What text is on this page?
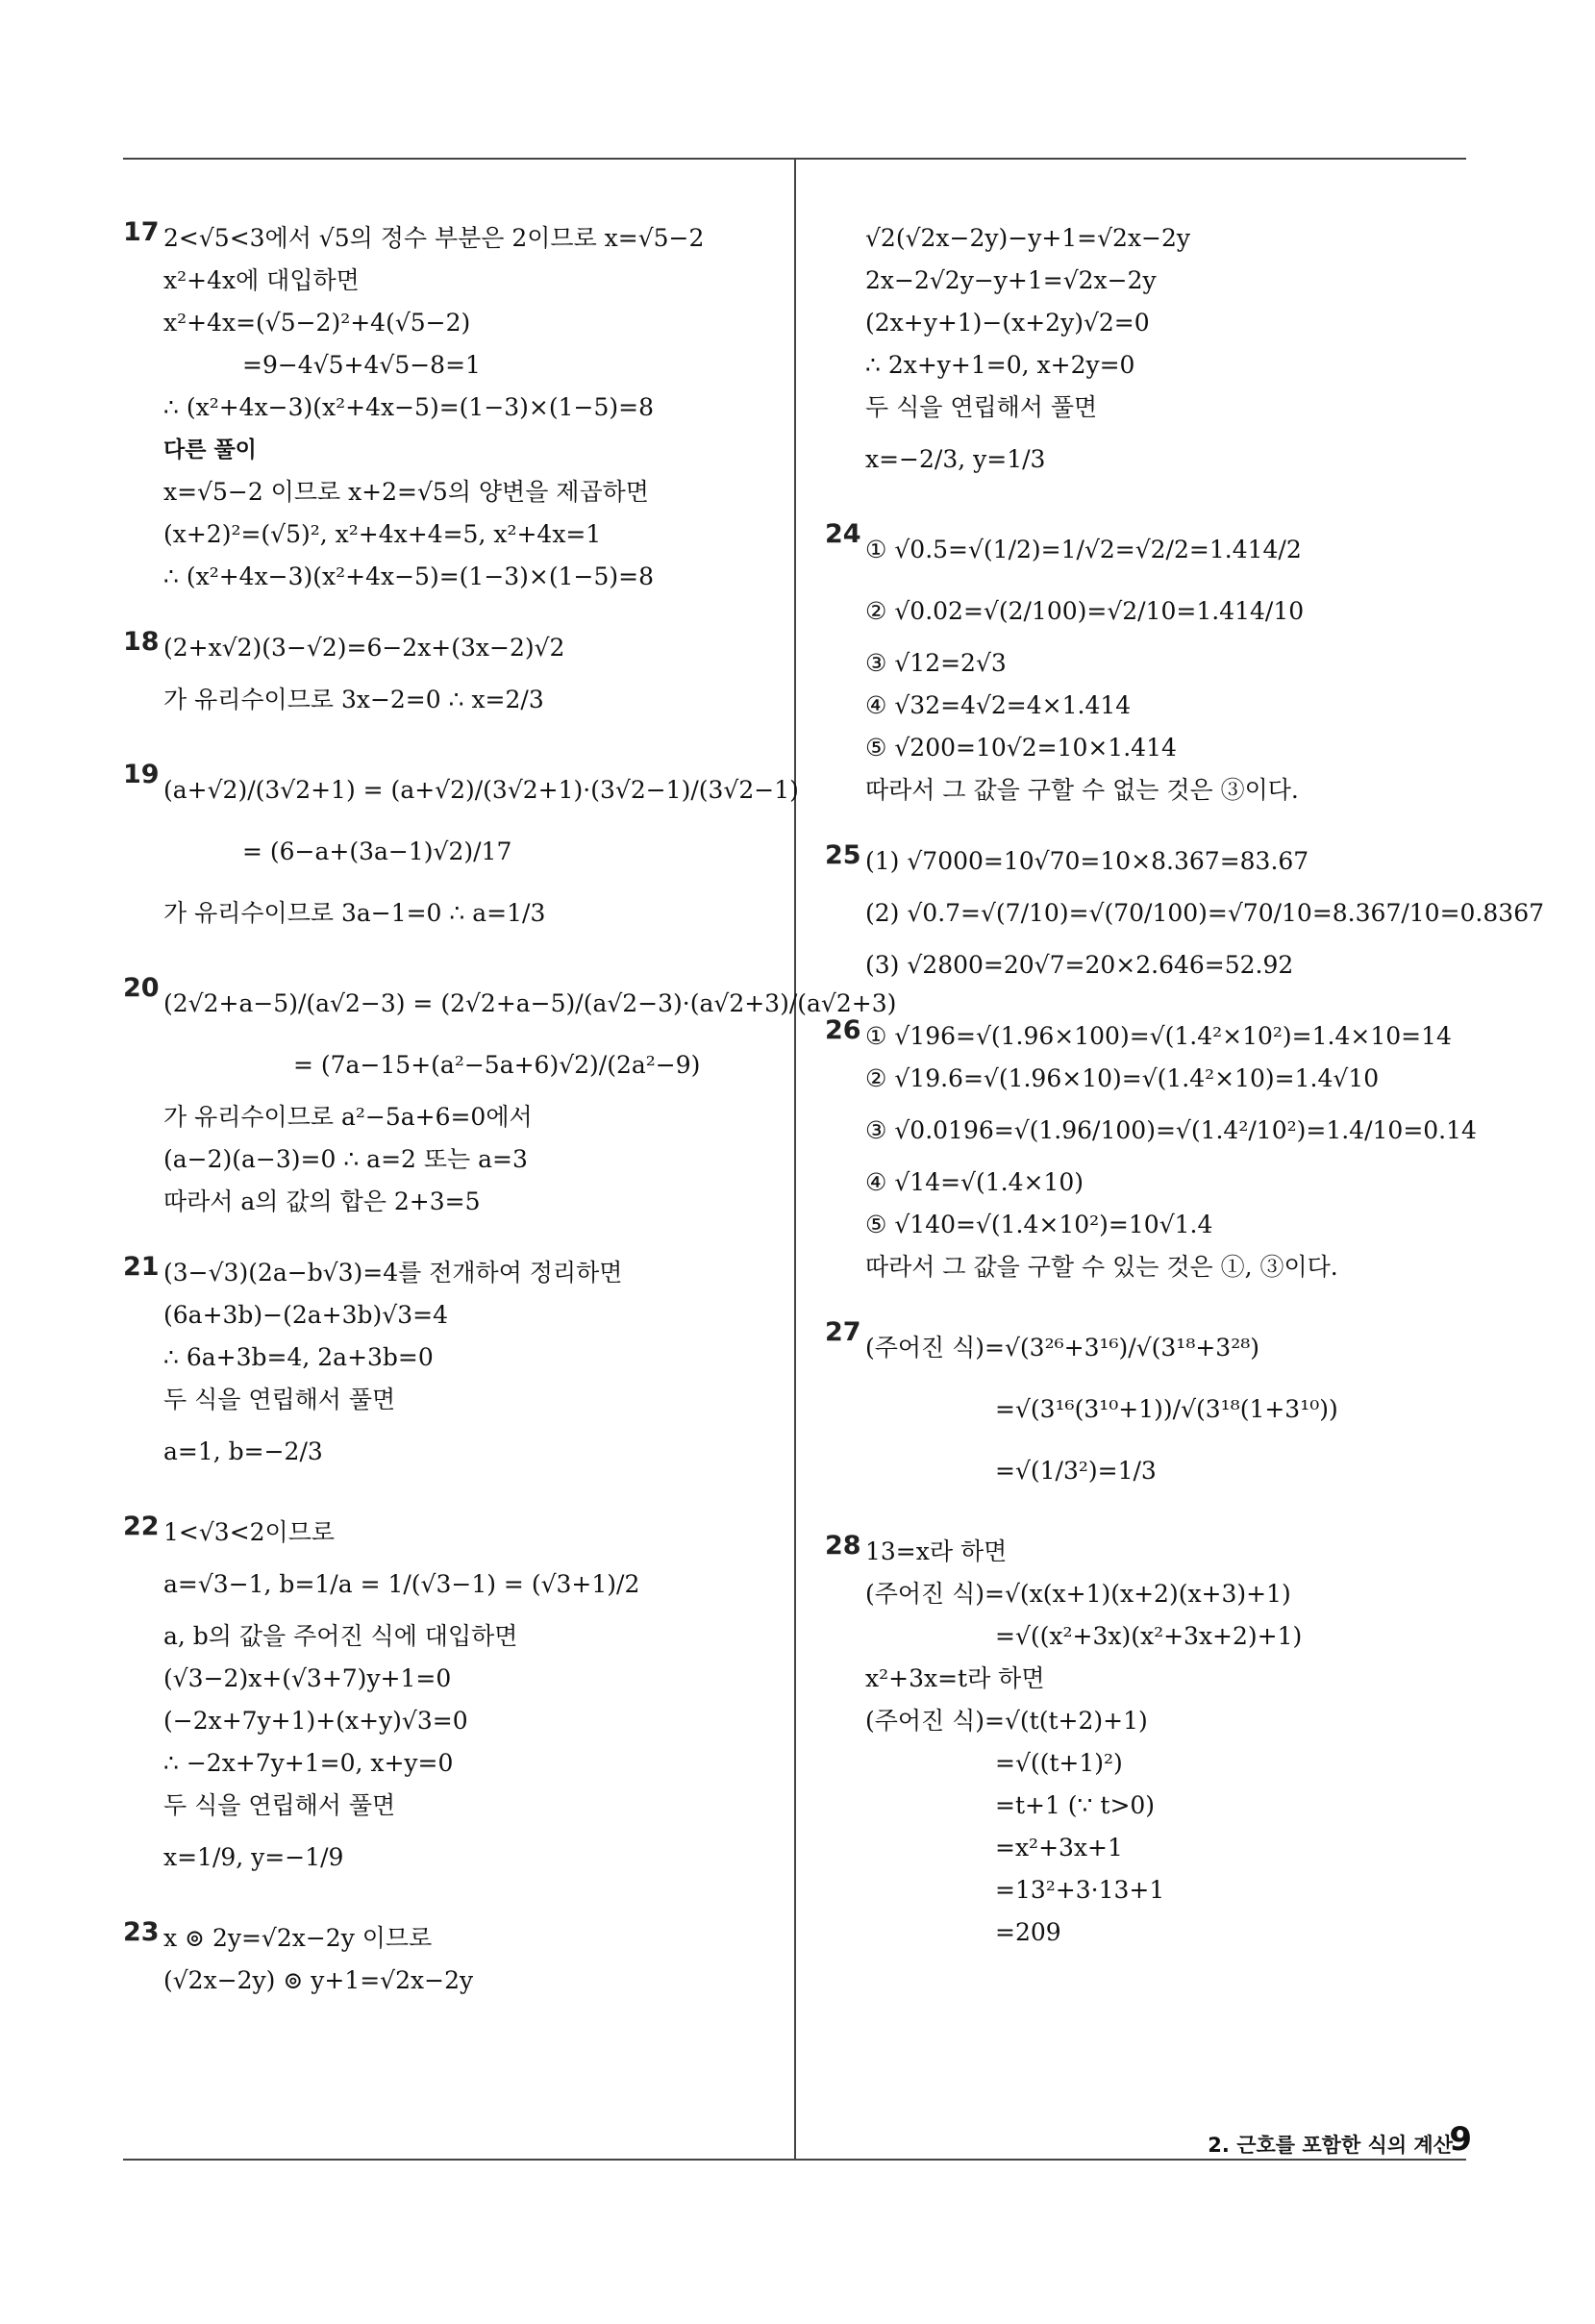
17 2<√5<3에서 √5의 정수 부분은 2이므로 x=√5−2
x²+4x에 대입하면
x²+4x=(√5−2)²+4(√5−2)
=9−4√5+4√5−8=1
∴ (x²+4x−3)(x²+4x−5)=(1−3)×(1−5)=8
다른 풀이
x=√5−2 이므로 x+2=√5의 양변을 제곱하면
(x+2)²=(√5)², x²+4x+4=5, x²+4x=1
∴ (x²+4x−3)(x²+4x−5)=(1−3)×(1−5)=8
18 (2+x√2)(3−√2)=6−2x+(3x−2)√2
가 유리수이므로 3x−2=0 ∴ x=2/3
19
(a+√2)/(3√2+1) = (a+√2)/(3√2+1)·(3√2−1)/(3√2−1)
= (6−a+(3a−1)√2)/17
가 유리수이므로 3a−1=0 ∴ a=1/3
20
(2√2+a−5)/(a√2−3) = (2√2+a−5)/(a√2−3)·(a√2+3)/(a√2+3)
= (7a−15+(a²−5a+6)√2)/(2a²−9)
가 유리수이므로 a²−5a+6=0에서
(a−2)(a−3)=0 ∴ a=2 또는 a=3
따라서 a의 값의 합은 2+3=5
21 (3−√3)(2a−b√3)=4를 전개하여 정리하면
(6a+3b)−(2a+3b)√3=4
∴ 6a+3b=4, 2a+3b=0
두 식을 연립해서 풀면
a=1, b=−2/3
22 1<√3<2이므로
a=√3−1, b=1/a = 1/(√3−1) = (√3+1)/2
a, b의 값을 주어진 식에 대입하면
(√3−2)x+(√3+7)y+1=0
(−2x+7y+1)+(x+y)√3=0
∴ −2x+7y+1=0, x+y=0
두 식을 연립해서 풀면
x=1/9, y=−1/9
23 x ⊚ 2y=√2x−2y 이므로
(√2x−2y) ⊚ y+1=√2x−2y
√2(√2x−2y)−y+1=√2x−2y
2x−2√2y−y+1=√2x−2y
(2x+y+1)−(x+2y)√2=0
∴ 2x+y+1=0, x+2y=0
두 식을 연립해서 풀면
x=−2/3, y=1/3
24
① √0.5=√(1/2)=1/√2=√2/2=1.414/2
② √0.02=√(2/100)=√2/10=1.414/10
③ √12=2√3
④ √32=4√2=4×1.414
⑤ √200=10√2=10×1.414
따라서 그 값을 구할 수 없는 것은 ③이다.
25 (1) √7000=10√70=10×8.367=83.67
(2) √0.7=√(7/10)=√(70/100)=√70/10=8.367/10=0.8367
(3) √2800=20√7=20×2.646=52.92
26 ① √196=√(1.96×100)=√(1.4²×10²)=1.4×10=14
② √19.6=√(1.96×10)=√(1.4²×10)=1.4√10
③ √0.0196=√(1.96/100)=√(1.4²/10²)=1.4/10=0.14
④ √14=√(1.4×10)
⑤ √140=√(1.4×10²)=10√1.4
따라서 그 값을 구할 수 있는 것은 ①, ③이다.
27
(주어진 식)=√(3²⁶+3¹⁶)/√(3¹⁸+3²⁸)
=√(3¹⁶(3¹⁰+1))/√(3¹⁸(1+3¹⁰))
=√(1/3²)=1/3
28 13=x라 하면
(주어진 식)=√(x(x+1)(x+2)(x+3)+1)
=√((x²+3x)(x²+3x+2)+1)
x²+3x=t라 하면
(주어진 식)=√(t(t+2)+1)
=√((t+1)²)
=t+1 (∵ t>0)
=x²+3x+1
=13²+3·13+1
=209
2. 근호를 포함한 식의 계산
9
